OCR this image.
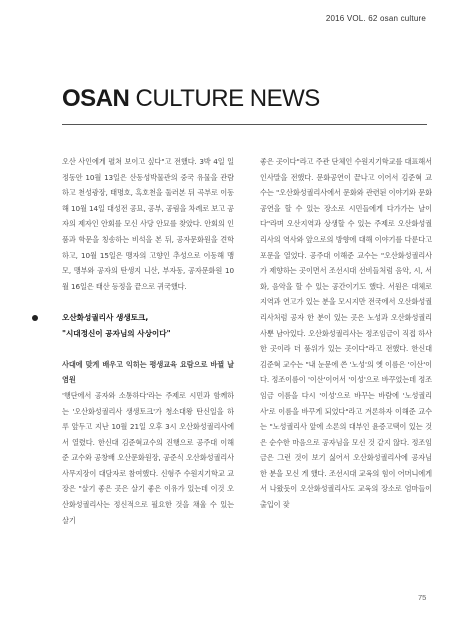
2016 VOL. 62 osan culture
OSAN CULTURE NEWS

오산 사인에게 펼쳐 보이고 싶다"고 전했다. 3박 4일 일정동안 10월 13일은 산동성박물관의 중국 유물을 관람하고 천성광장, 태명호, 흑호천을 둘러본 뒤 곡부로 이동해 10월 14일 대성전 공묘, 공부, 공림을 차례로 보고 공자의 제자인 안회를 모신 사당 안묘를 찾았다. 안회의 인품과 학문을 칭송하는 비석을 본 뒤, 공자문화원을 견학하고, 10월 15일은 맹자의 고향인 추성으로 이동해 맹모, 맹부와 공자의 탄생지 니산, 부자동, 공자문화원 10월 16일은 태산 등정을 끝으로 귀국했다.

오산화성궐리사 생생토크,
"시대정신이 공자님의 사상이다"

사대에 맞게 배우고 익히는 평생교육 요람으로 바뀔 날 염원

'행단에서 공자와 소통하다'라는 주제로 시민과 함께하는 '오산화성궐리사 생생토크'가 청소대왕 탄신일을 하루 앞두고 지난 10월 21일 오후 3시 오산화성궐리사에서 열렸다. 한신대 김준혁교수의 진행으로 공주대 이해준 교수와 공창배 오산문화원장, 공준식 오산화성궐리사사무지장이 대담자로 참여했다. 신형주 수원지기학교 교장은 "살기 좋은 곳은 살기 좋은 이유가 있는데 이것 오산화성궐리사는 정신적으로 필요한 것을 채울 수 있는 살기

좋은 곳이다"라고 주관 단체인 수원지기학교를 대표해서 인사말을 전했다. 문화공연이 끝나고 이어서 김준혁 교수는 "오산화성궐리사에서 문화와 관련된 이야기와 문화 공연을 할 수 있는 장소로 시민들에게 다가가는 날이다"라며 오산지역과 상생할 수 있는 주제로 오산화성궐리사의 역사와 앞으로의 방향에 대해 이야기를 다룬다고 포문을 열었다. 공주대 이해준 교수는 "오산화성궐리사가 제향하는 곳이면서 조선시대 선비들처럼 음악, 시, 서화, 음악을 할 수 있는 공간이기도 했다. 서원은 대체로 지역과 연고가 있는 분을 모시지만 전국에서 오산화성궐리사처럼 공자 한 분이 있는 곳은 노성과 오산화성궐리사뿐 남아있다. 오산화성궐리사는 정조임금이 직접 하사한 곳이라 더 품위가 있는 곳이다"라고 전했다. 한신대 김준혁 교수는 "내 눈문에 쓴 '노성'의 옛 이름은 '이산'이다. 정조이름이 '이산'이어서 '이성'으로 바꾸었는데 정조임금 이름을 다시 '이성'으로 바꾸는 바람에 '노성궐리사'로 이름을 바꾸게 되었다"라고 겨론하자 이해준 교수는 "노성궐리사 앞에 소론의 대부인 윤증고택이 있는 것은 순수한 마음으로 공자님을 모신 것 같지 않다. 정조임금은 그런 것이 보기 싫어서 오산화성궐리사에 공자님 한 분을 모신 게 했다. 조선시대 교육의 힘이 어머니에게서 나왔듯이 오산화성궐리사도 교육의 장소로 엄마들이 출입이 잦

75
